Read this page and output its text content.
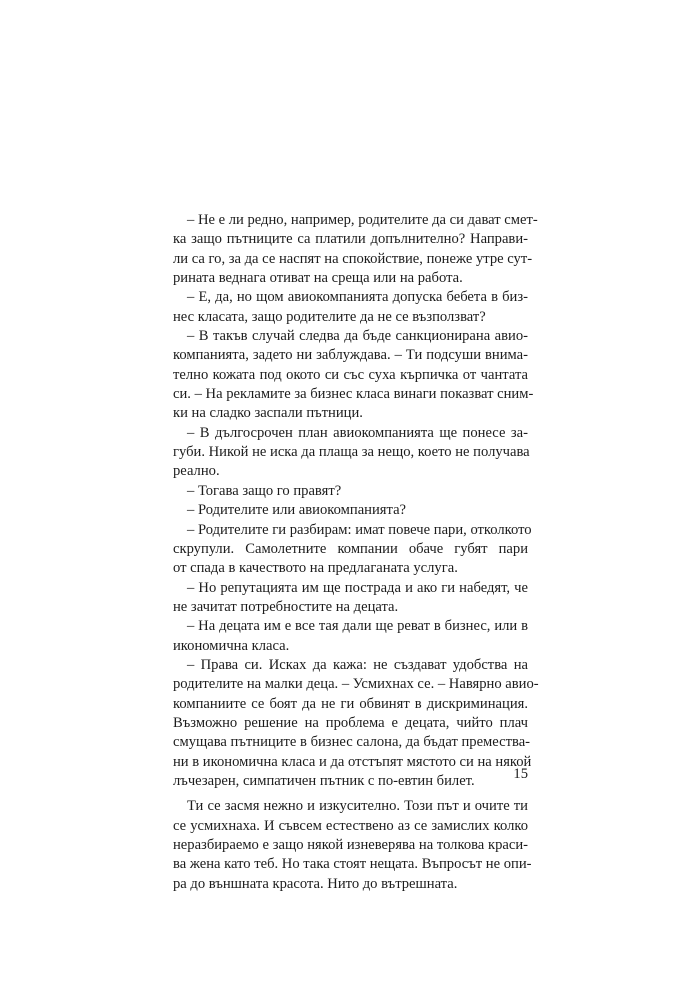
– Не е ли редно, например, родителите да си дават смет-
ка защо пътниците са платили допълнително? Направи-
ли са го, за да се наспят на спокойствие, понеже утре сут-
рината веднага отиват на среща или на работа.
– Е, да, но щом авиокомпанията допуска бебета в биз-
нес класата, защо родителите да не се възползват?
– В такъв случай следва да бъде санкционирана авио-
компанията, задето ни заблуждава. – Ти подсуши внима-
телно кожата под окото си със суха кърпичка от чантата
си. – На рекламите за бизнес класа винаги показват сним-
ки на сладко заспали пътници.
– В дългосрочен план авиокомпанията ще понесе за-
губи. Никой не иска да плаща за нещо, което не получава
реално.
– Тогава защо го правят?
– Родителите или авиокомпанията?
– Родителите ги разбирам: имат повече пари, отколкото
скрупули. Самолетните компании обаче губят пари
от спада в качеството на предлаганата услуга.
– Но репутацията им ще пострада и ако ги набедят, че
не зачитат потребностите на децата.
– На децата им е все тая дали ще реват в бизнес, или в
икономична класа.
– Права си. Исках да кажа: не създават удобства на
родителите на малки деца. – Усмихнах се. – Навярно авио-
компаниите се боят да не ги обвинят в дискриминация.
Възможно решение на проблема е децата, чийто плач
смущава пътниците в бизнес салона, да бъдат премества-
ни в икономична класа и да отстъпят мястото си на някой
лъчезарен, симпатичен пътник с по-евтин билет.
Ти се засмя нежно и изкусително. Този път и очите ти
се усмихнаха. И съвсем естествено аз се замислих колко
неразбираемо е защо някой изневерява на толкова краси-
ва жена като теб. Но така стоят нещата. Въпросът не опи-
ра до външната красота. Нито до вътрешната.
15
